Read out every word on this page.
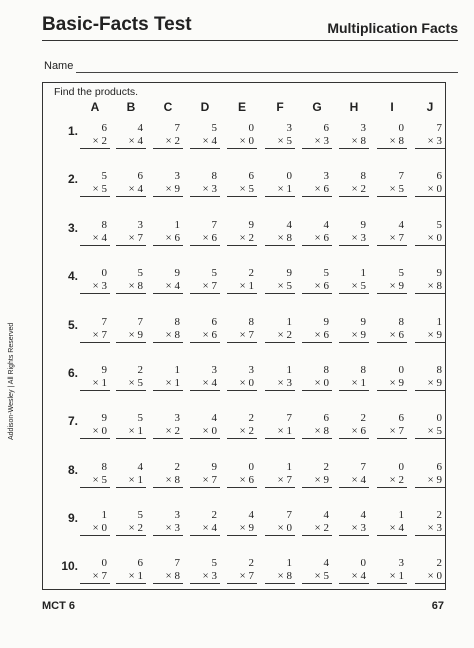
Basic-Facts Test	Multiplication Facts
Name
Find the products.
A	B	C	D	E	F	G	H	I	J
1.	6
× 2
4
× 4
7
× 2
5
× 4
0
× 0
3
× 5
6
× 3
3
× 8
0
× 8
7
× 3
2.	5
× 5
6
× 4
3
× 9
8
× 3
6
× 5
0
× 1
3
× 6
8
× 2
7
× 5
6
× 0
3.	8
× 4
3
× 7
1
× 6
7
× 6
9
× 2
4
× 8
4
× 6
9
× 3
4
× 7
5
× 0
4.	0
× 3
5
× 8
9
× 4
5
× 7
2
× 1
9
× 5
5
× 6
1
× 5
5
× 9
9
× 8
5.	7
× 7
7
× 9
8
× 8
6
× 6
8
× 7
1
× 2
9
× 6
9
× 9
8
× 6
1
× 9
6.	9
× 1
2
× 5
1
× 1
3
× 4
3
× 0
1
× 3
8
× 0
8
× 1
0
× 9
8
× 9
7.	9
× 0
5
× 1
3
× 2
4
× 0
2
× 2
7
× 1
6
× 8
2
× 6
6
× 7
0
× 5
8.	8
× 5
4
× 1
2
× 8
9
× 7
0
× 6
1
× 7
2
× 9
7
× 4
0
× 2
6
× 9
9.	1
× 0
5
× 2
3
× 3
2
× 4
4
× 9
7
× 0
4
× 2
4
× 3
1
× 4
2
× 3
10.	0
× 7
6
× 1
7
× 8
5
× 3
2
× 7
1
× 8
4
× 5
0
× 4
3
× 1
2
× 0
MCT 6	67
Addison-Wesley | All Rights Reserved
